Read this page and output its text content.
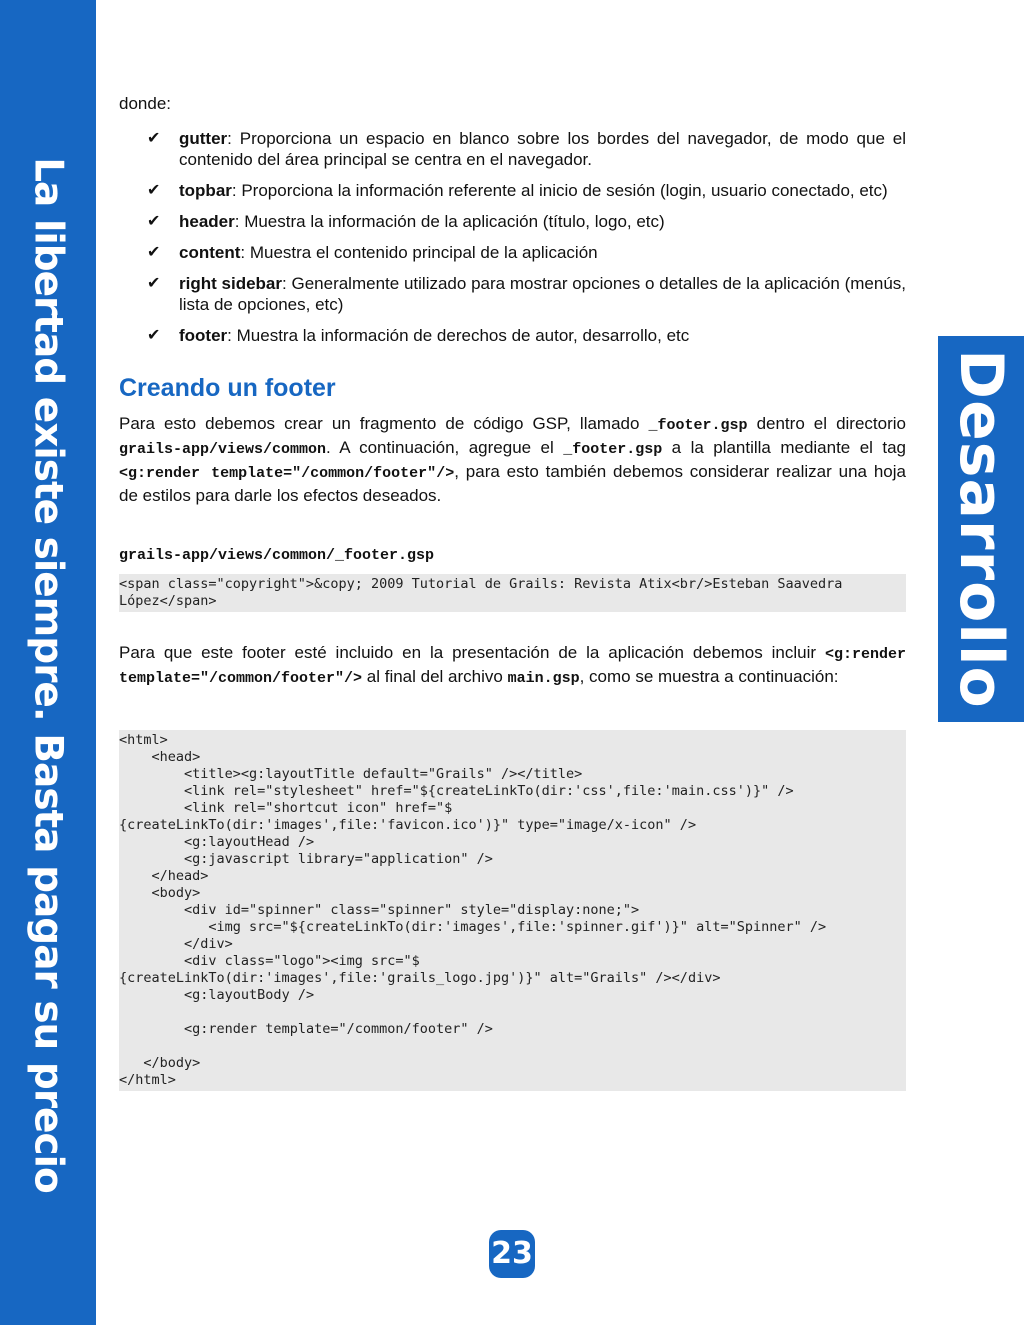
La libertad existe siempre. Basta pagar su precio	Desarrollo

donde:

✔ gutter: Proporciona un espacio en blanco sobre los bordes del navegador, de modo que el contenido del área principal se centra en el navegador.
✔ topbar: Proporciona la información referente al inicio de sesión (login, usuario conectado, etc)
✔ header: Muestra la información de la aplicación (título, logo, etc)
✔ content: Muestra el contenido principal de la aplicación
✔ right sidebar: Generalmente utilizado para mostrar opciones o detalles de la aplicación (menús, lista de opciones, etc)
✔ footer: Muestra la información de derechos de autor, desarrollo, etc
Creando un footer

Para esto debemos crear un fragmento de código GSP, llamado _footer.gsp dentro el directorio grails-app/views/common. A continuación, agregue el _footer.gsp a la plantilla mediante el tag <g:render template="/common/footer"/>, para esto también debemos considerar realizar una hoja de estilos para darle los efectos deseados.

grails-app/views/common/_footer.gsp
<span class="copyright">&copy; 2009 Tutorial de Grails: Revista Atix<br/>Esteban Saavedra López</span>

Para que este footer esté incluido en la presentación de la aplicación debemos incluir <g:render template="/common/footer"/> al final del archivo main.gsp, como se muestra a continuación:

<html>
<head>
<title><g:layoutTitle default="Grails" /></title>
<link rel="stylesheet" href="${createLinkTo(dir:'css',file:'main.css')}" />
<link rel="shortcut icon" href="$
{createLinkTo(dir:'images',file:'favicon.ico')}" type="image/x-icon" />
<g:layoutHead />
<g:javascript library="application" />
</head>
<body>
<div id="spinner" class="spinner" style="display:none;">
<img src="${createLinkTo(dir:'images',file:'spinner.gif')}" alt="Spinner" />
</div>
<div class="logo"><img src="$
{createLinkTo(dir:'images',file:'grails_logo.jpg')}" alt="Grails" /></div>
<g:layoutBody />

<g:render template="/common/footer" />

</body>
</html>
23
